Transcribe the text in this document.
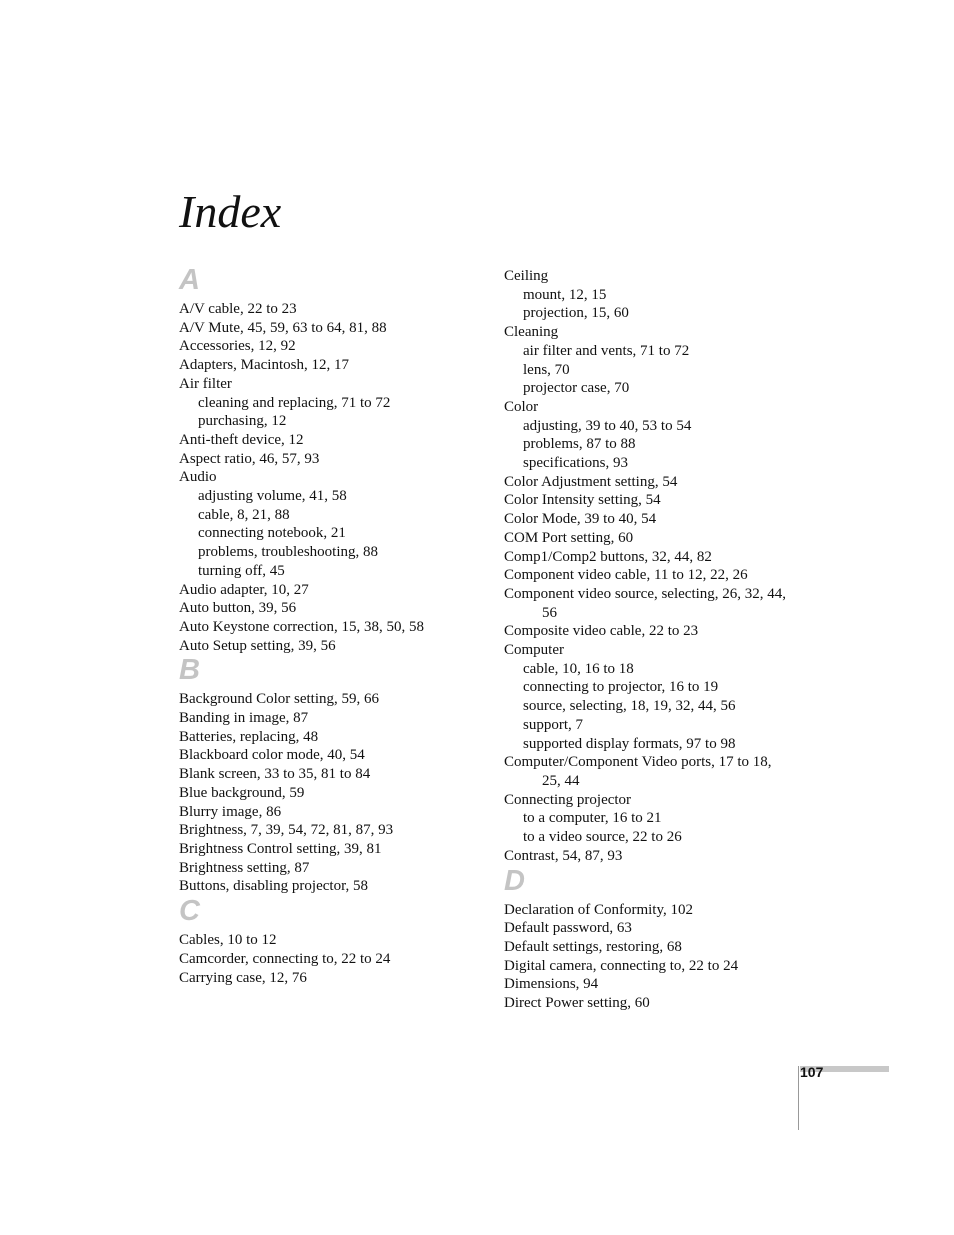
Index
A
A/V cable, 22 to 23
A/V Mute, 45, 59, 63 to 64, 81, 88
Accessories, 12, 92
Adapters, Macintosh, 12, 17
Air filter
cleaning and replacing, 71 to 72
purchasing, 12
Anti-theft device, 12
Aspect ratio, 46, 57, 93
Audio
adjusting volume, 41, 58
cable, 8, 21, 88
connecting notebook, 21
problems, troubleshooting, 88
turning off, 45
Audio adapter, 10, 27
Auto button, 39, 56
Auto Keystone correction, 15, 38, 50, 58
Auto Setup setting, 39, 56
B
Background Color setting, 59, 66
Banding in image, 87
Batteries, replacing, 48
Blackboard color mode, 40, 54
Blank screen, 33 to 35, 81 to 84
Blue background, 59
Blurry image, 86
Brightness, 7, 39, 54, 72, 81, 87, 93
Brightness Control setting, 39, 81
Brightness setting, 87
Buttons, disabling projector, 58
C
Cables, 10 to 12
Camcorder, connecting to, 22 to 24
Carrying case, 12, 76
Ceiling
mount, 12, 15
projection, 15, 60
Cleaning
air filter and vents, 71 to 72
lens, 70
projector case, 70
Color
adjusting, 39 to 40, 53 to 54
problems, 87 to 88
specifications, 93
Color Adjustment setting, 54
Color Intensity setting, 54
Color Mode, 39 to 40, 54
COM Port setting, 60
Comp1/Comp2 buttons, 32, 44, 82
Component video cable, 11 to 12, 22, 26
Component video source, selecting, 26, 32, 44, 56
Composite video cable, 22 to 23
Computer
cable, 10, 16 to 18
connecting to projector, 16 to 19
source, selecting, 18, 19, 32, 44, 56
support, 7
supported display formats, 97 to 98
Computer/Component Video ports, 17 to 18, 25, 44
Connecting projector
to a computer, 16 to 21
to a video source, 22 to 26
Contrast, 54, 87, 93
D
Declaration of Conformity, 102
Default password, 63
Default settings, restoring, 68
Digital camera, connecting to, 22 to 24
Dimensions, 94
Direct Power setting, 60
107
